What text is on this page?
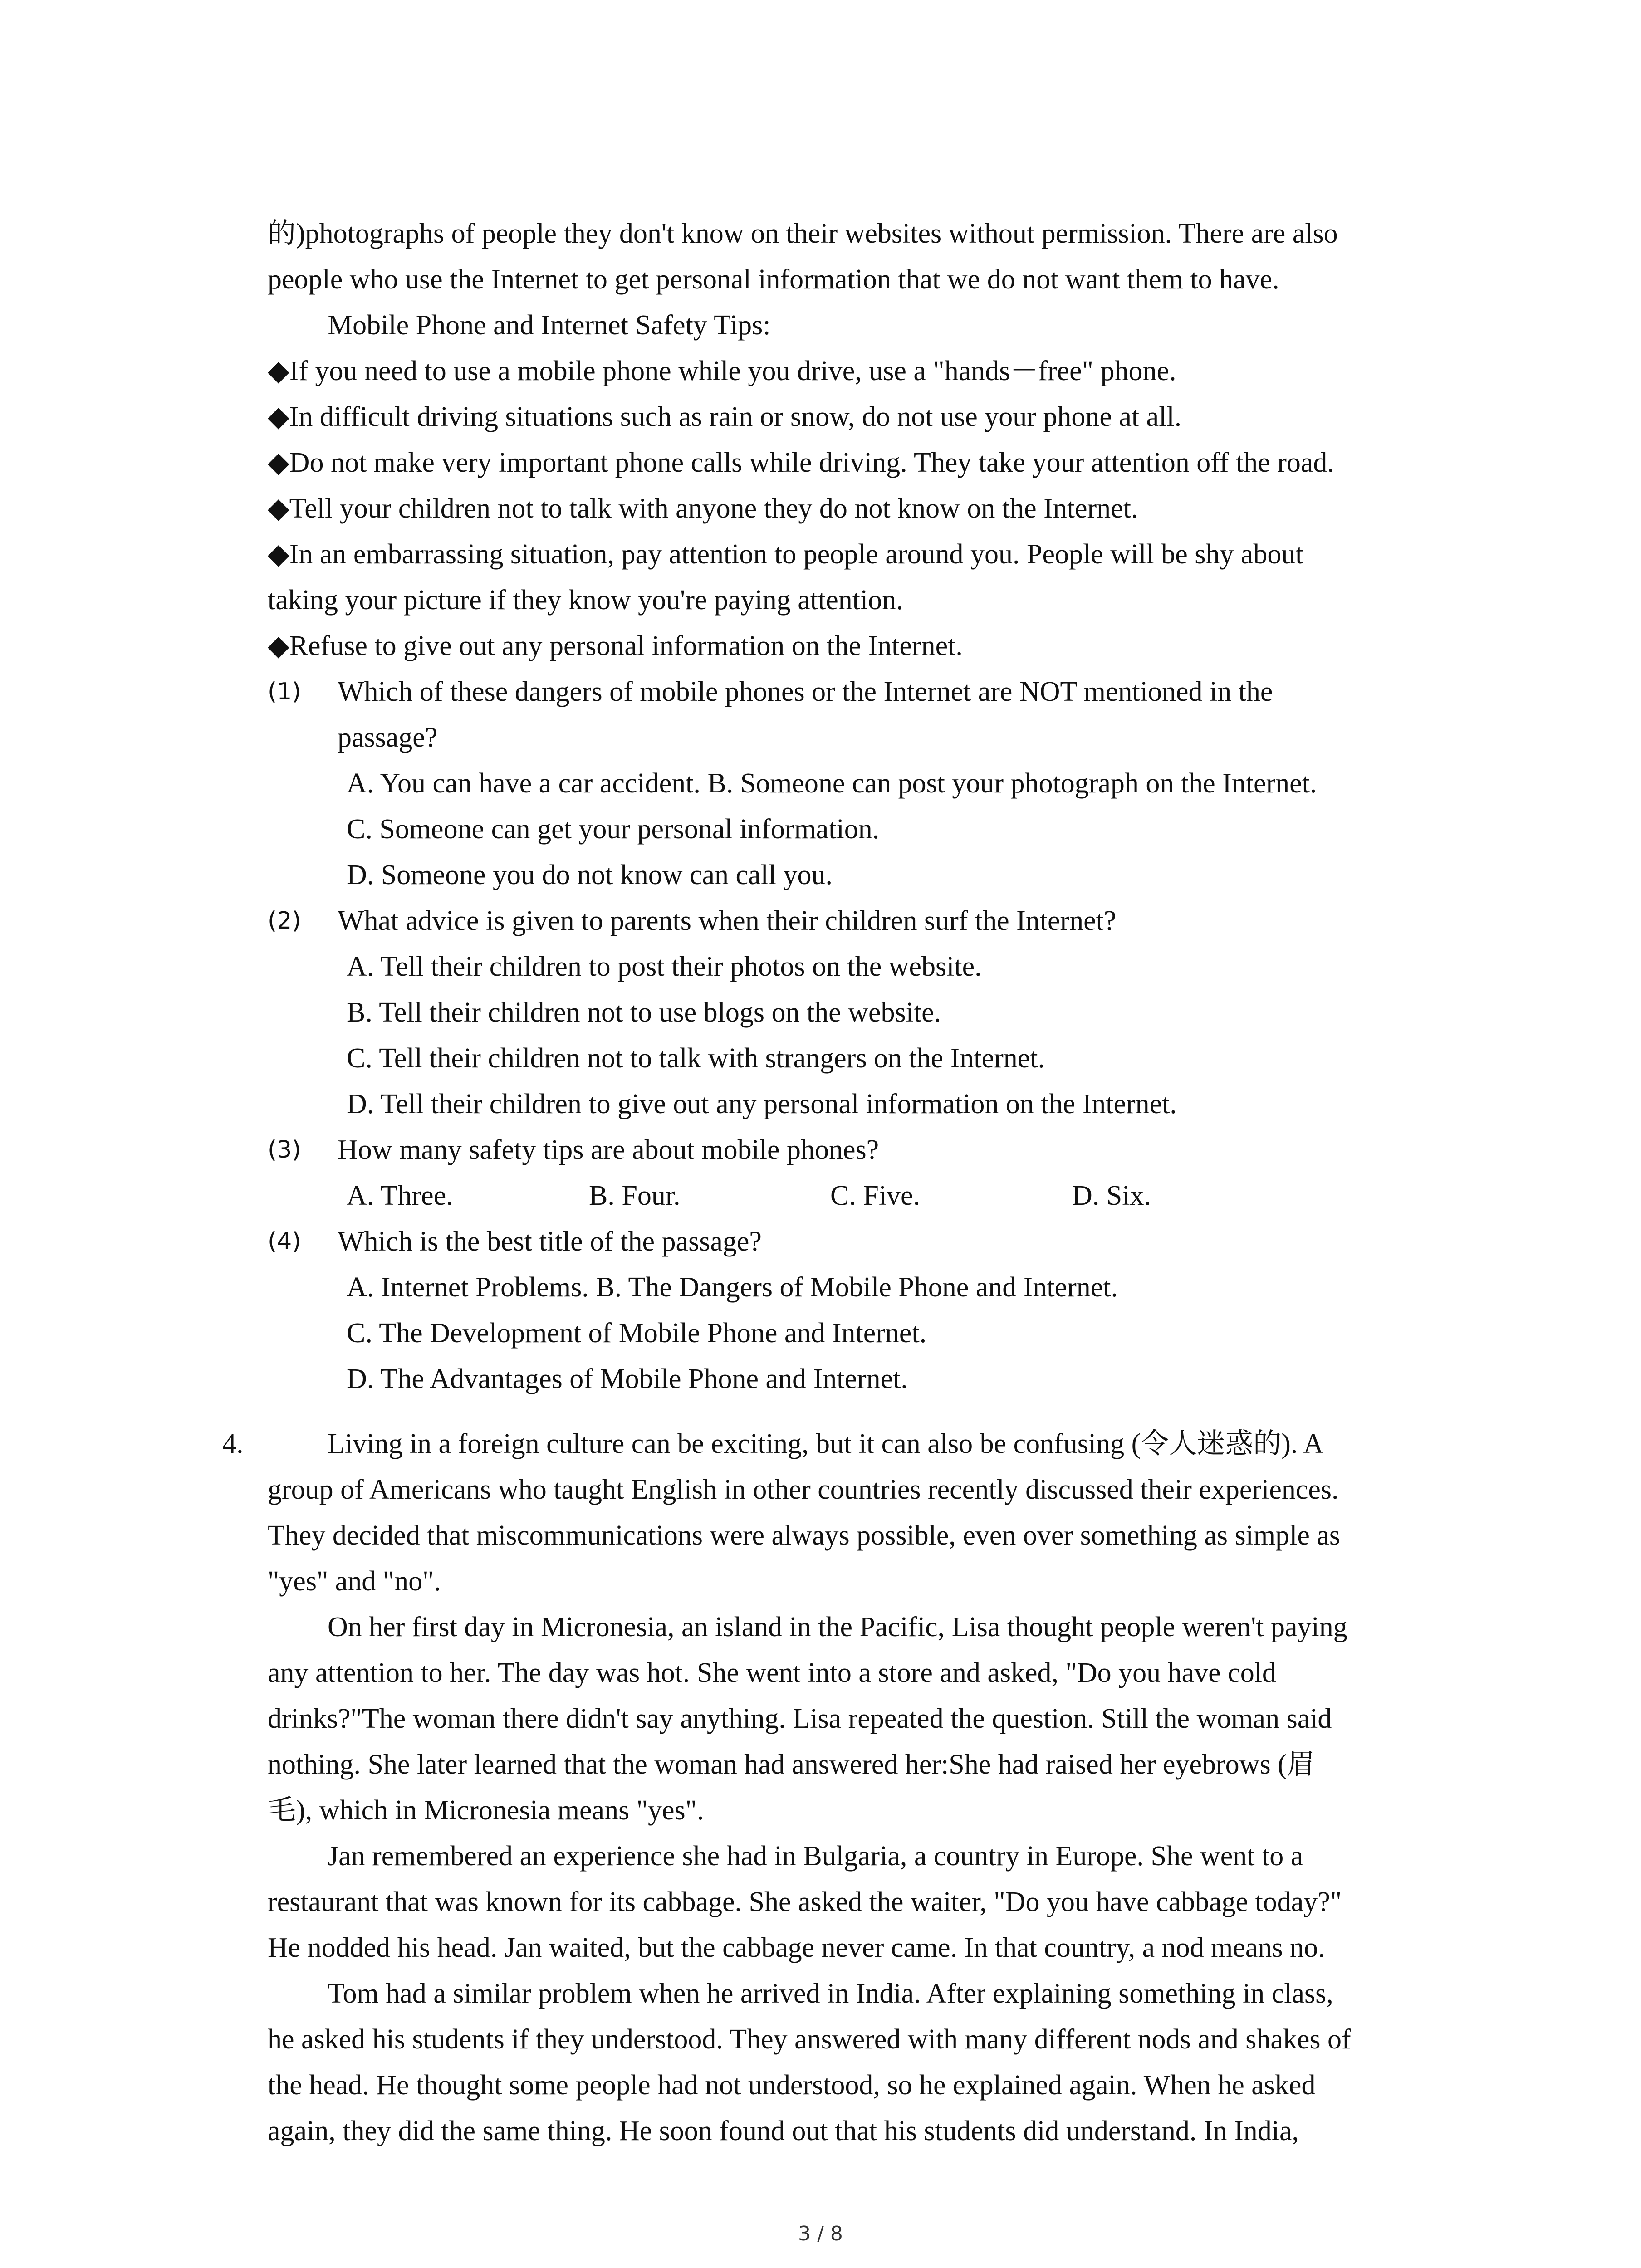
的)photographs of people they don't know on their websites without permission. There are also

people who use the Internet to get personal information that we do not want them to have.

Mobile Phone and Internet Safety Tips:

◆If you need to use a mobile phone while you drive, use a "hands－free" phone.

◆In difficult driving situations such as rain or snow, do not use your phone at all.

◆Do not make very important phone calls while driving. They take your attention off the road.

◆Tell your children not to talk with anyone they do not know on the Internet.

◆In an embarrassing situation, pay attention to people around you. People will be shy about

taking your picture if they know you're paying attention.

◆Refuse to give out any personal information on the Internet.

(1) Which of these dangers of mobile phones or the Internet are NOT mentioned in the
passage?
A. You can have a car accident. B. Someone can post your photograph on the Internet.
C. Someone can get your personal information.
D. Someone you do not know can call you.
(2) What advice is given to parents when their children surf the Internet?
A. Tell their children to post their photos on the website.
B. Tell their children not to use blogs on the website.
C. Tell their children not to talk with strangers on the Internet.
D. Tell their children to give out any personal information on the Internet.
(3) How many safety tips are about mobile phones?
A. Three.	B. Four.	C. Five.	D. Six.
(4) Which is the best title of the passage?
A. Internet Problems. B. The Dangers of Mobile Phone and Internet.
C. The Development of Mobile Phone and Internet.
D. The Advantages of Mobile Phone and Internet.
4.	Living in a foreign culture can be exciting, but it can also be confusing (令人迷惑的). A

group of Americans who taught English in other countries recently discussed their experiences.

They decided that miscommunications were always possible, even over something as simple as

"yes" and "no".

On her first day in Micronesia, an island in the Pacific, Lisa thought people weren't paying

any attention to her. The day was hot. She went into a store and asked, "Do you have cold

drinks?"The woman there didn't say anything. Lisa repeated the question. Still the woman said

nothing. She later learned that the woman had answered her:She had raised her eyebrows (眉

毛), which in Micronesia means "yes".

Jan remembered an experience she had in Bulgaria, a country in Europe. She went to a

restaurant that was known for its cabbage. She asked the waiter, "Do you have cabbage today?"

He nodded his head. Jan waited, but the cabbage never came. In that country, a nod means no.

Tom had a similar problem when he arrived in India. After explaining something in class,

he asked his students if they understood. They answered with many different nods and shakes of

the head. He thought some people had not understood, so he explained again. When he asked

again, they did the same thing. He soon found out that his students did understand. In India,

3 / 8
